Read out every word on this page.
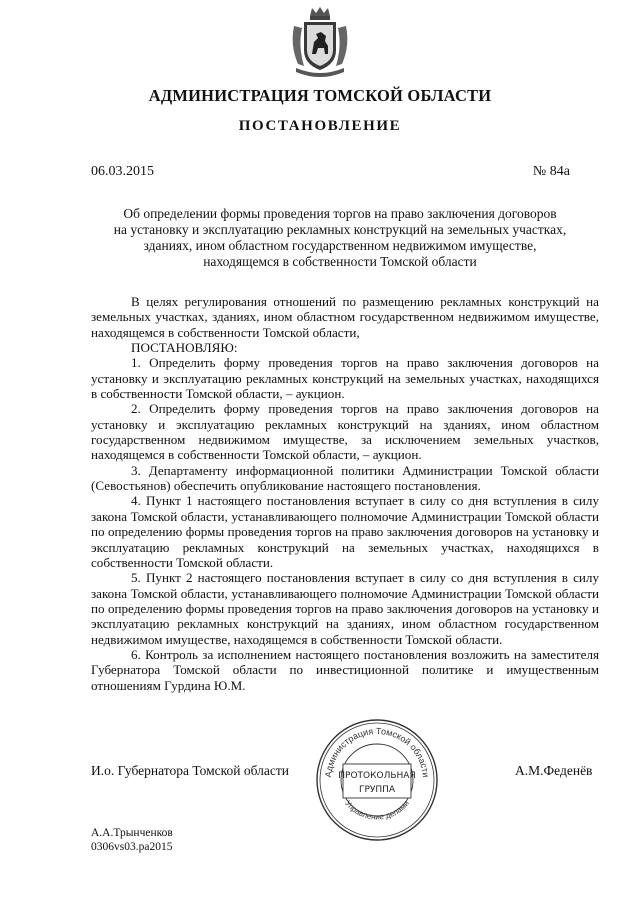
АДМИНИСТРАЦИЯ ТОМСКОЙ ОБЛАСТИ
ПОСТАНОВЛЕНИЕ
06.03.2015	№ 84а
Об определении формы проведения торгов на право заключения договоров
на установку и эксплуатацию рекламных конструкций на земельных участках,
зданиях, ином областном государственном недвижимом имуществе,
находящемся в собственности Томской области

В целях регулирования отношений по размещению рекламных конструкций на земельных участках, зданиях, ином областном государственном недвижимом имуществе, находящемся в собственности Томской области,

ПОСТАНОВЛЯЮ:

1. Определить форму проведения торгов на право заключения договоров на установку и эксплуатацию рекламных конструкций на земельных участках, находящихся в собственности Томской области, – аукцион.

2. Определить форму проведения торгов на право заключения договоров на установку и эксплуатацию рекламных конструкций на зданиях, ином областном государственном недвижимом имуществе, за исключением земельных участков, находящемся в собственности Томской области, – аукцион.

3. Департаменту информационной политики Администрации Томской области (Севостьянов) обеспечить опубликование настоящего постановления.

4. Пункт 1 настоящего постановления вступает в силу со дня вступления в силу закона Томской области, устанавливающего полномочие Администрации Томской области по определению формы проведения торгов на право заключения договоров на установку и эксплуатацию рекламных конструкций на земельных участках, находящихся в собственности Томской области.

5. Пункт 2 настоящего постановления вступает в силу со дня вступления в силу закона Томской области, устанавливающего полномочие Администрации Томской области по определению формы проведения торгов на право заключения договоров на установку и эксплуатацию рекламных конструкций на зданиях, ином областном государственном недвижимом имуществе, находящемся в собственности Томской области.

6. Контроль за исполнением настоящего постановления возложить на заместителя Губернатора Томской области по инвестиционной политике и имущественным отношениям Гурдина Ю.М.

И.о. Губернатора Томской области	А.М.Феденёв
Администрация Томской области
Управление делами
ПРОТОКОЛЬНАЯ
ГРУППА
А.А.Трынченков
0306vs03.pa2015
